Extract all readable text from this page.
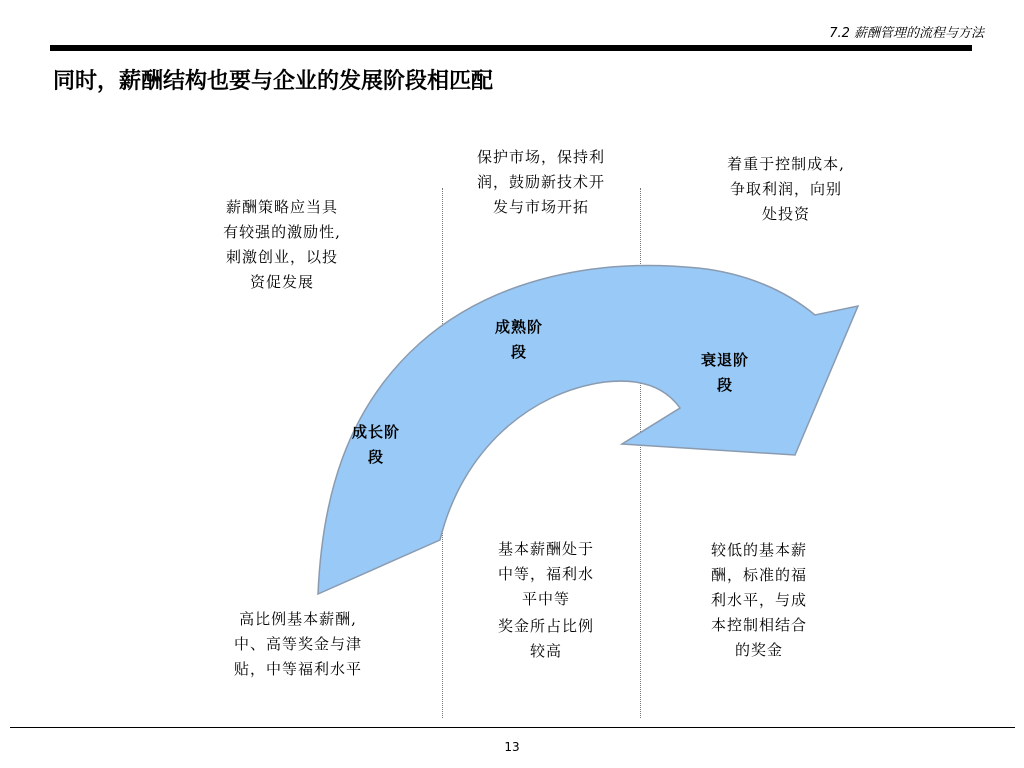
7.2 薪酬管理的流程与方法
同时，薪酬结构也要与企业的发展阶段相匹配
成长阶
段
成熟阶
段	衰退阶
段
薪酬策略应当具
有较强的激励性,
刺激创业，以投
资促发展
高比例基本薪酬,
中、高等奖金与津
贴，中等福利水平
保护市场，保持利
润，鼓励新技术开
发与市场开拓
基本薪酬处于
中等，福利水
平中等
奖金所占比例
较高
着重于控制成本,
争取利润，向别
处投资
较低的基本薪
酬，标准的福
利水平，与成
本控制相结合
的奖金
13
